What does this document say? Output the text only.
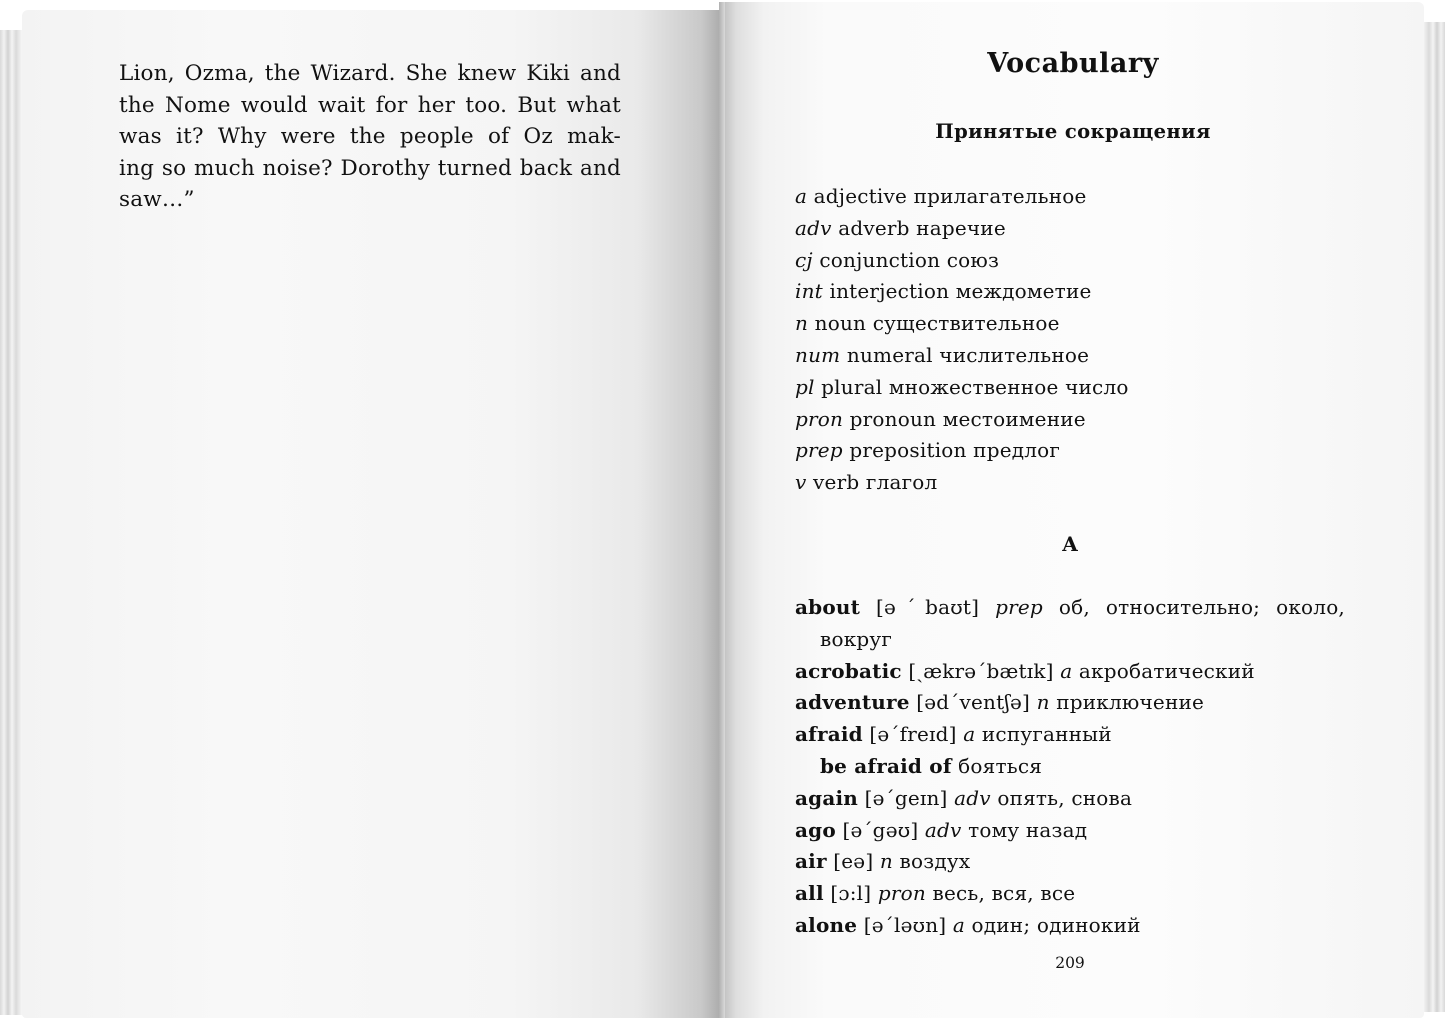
Lion, Ozma, the Wizard. She knew Kiki and
the Nome would wait for her too. But what
was it? Why were the people of Oz mak-
ing so much noise? Dorothy turned back and
saw…”
Vocabulary
Принятые сокращения
a adjective прилагательное
adv adverb наречие
cj conjunction союз
int interjection междометие
n noun существительное
num numeral числительное
pl plural множественное число
pron pronoun местоимение
prep preposition предлог
v verb глагол
A
about [əˊbaʊt] prep об, относительно; около,
вокруг
acrobatic [ˏækrəˊbætɪk] a акробатический
adventure [ədˊventʃə] n приключение
afraid [əˊfreɪd] a испуганный
be afraid of бояться
again [əˊgeɪn] adv опять, снова
ago [əˊgəʊ] adv тому назад
air [eə] n воздух
all [ɔ:l] pron весь, вся, все
alone [əˊləʊn] a один; одинокий
209
